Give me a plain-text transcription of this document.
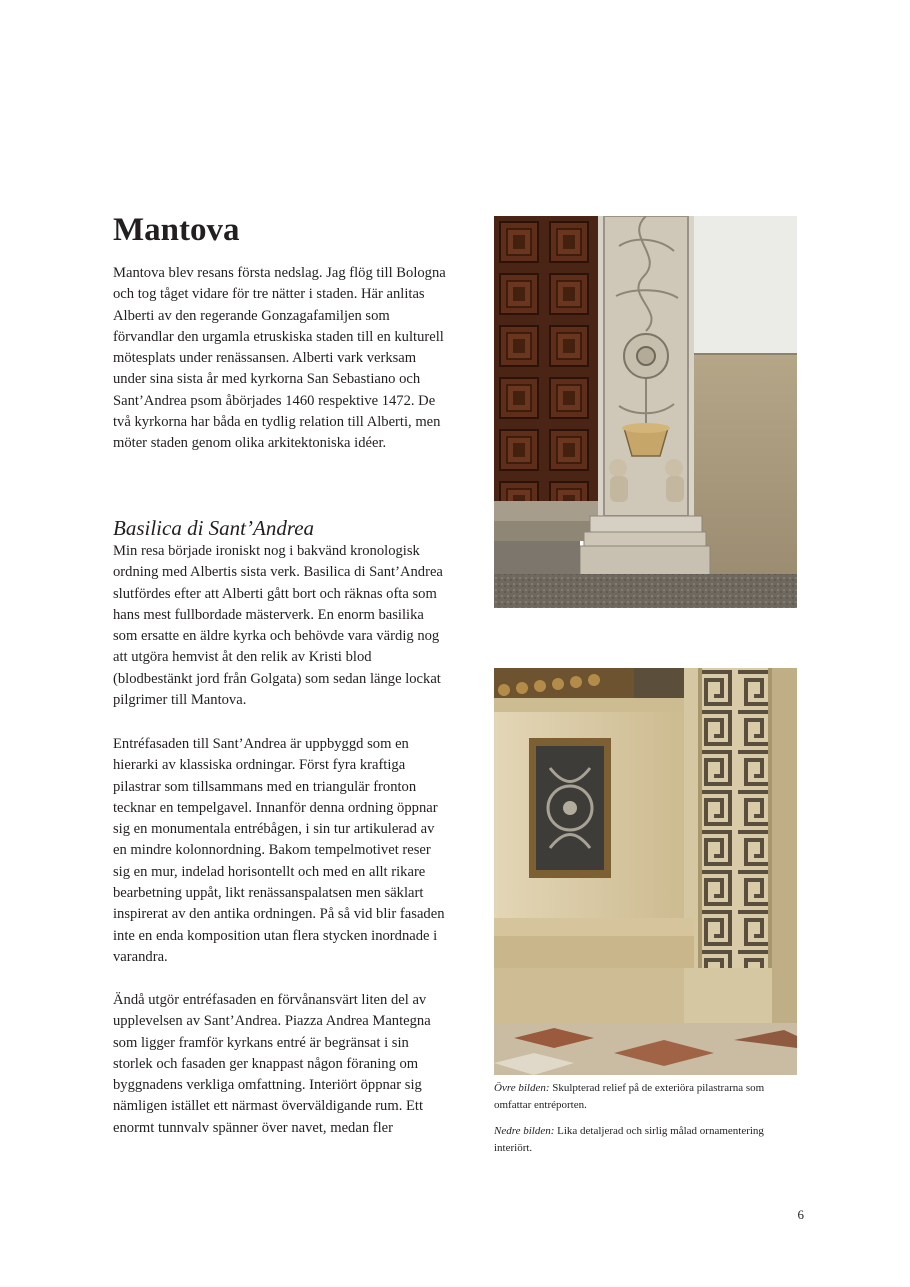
Mantova

Mantova blev resans första nedslag. Jag flög till Bologna och tog tåget vidare för tre nätter i staden. Här anlitas Alberti av den regerande Gonzagafamiljen som förvandlar den urgamla etruskiska staden till en kulturell mötesplats under renässansen. Alberti vark verksam under sina sista år med kyrkorna San Sebastiano och Sant’Andrea psom åbörjades 1460 respektive 1472. De två kyrkorna har båda en tydlig relation till Alberti, men möter staden genom olika arkitektoniska idéer.

Basilica di Sant’Andrea

Min resa började ironiskt nog i bakvänd kronologisk ordning med Albertis sista verk. Basilica di Sant’Andrea slutfördes efter att Alberti gått bort och räknas ofta som hans mest fullbordade mästerverk. En enorm basilika som ersatte en äldre kyrka och behövde vara värdig nog att utgöra hemvist åt den relik av Kristi blod (blodbestänkt jord från Golgata) som sedan länge lockat pilgrimer till Mantova.

Entréfasaden till Sant’Andrea är uppbyggd som en hierarki av klassiska ordningar. Först fyra kraftiga pilastrar som tillsammans med en triangulär fronton tecknar en tempelgavel. Innanför denna ordning öppnar sig en monumentala entrébågen, i sin tur artikulerad av en mindre kolonnordning. Bakom tempelmotivet reser sig en mur, indelad horisontellt och med en allt rikare bearbetning uppåt, likt renässanspalatsen men säklart inspirerat av den antika ordningen. På så vid blir fasaden inte en enda komposition utan flera stycken inordnade i varandra.

Ändå utgör entréfasaden en förvånansvärt liten del av upplevelsen av Sant’Andrea. Piazza Andrea Mantegna som ligger framför kyrkans entré är begränsat i sin storlek och fasaden ger knappast någon föraning om byggnadens verkliga omfattning. Interiört öppnar sig nämligen istället ett närmast överväldigande rum. Ett enormt tunnvalv spänner över navet, medan fler

Övre bilden: Skulpterad relief på de exteriöra pilastrarna som omfattar entréporten.

Nedre bilden: Lika detaljerad och sirlig målad ornamentering interiört.

6
